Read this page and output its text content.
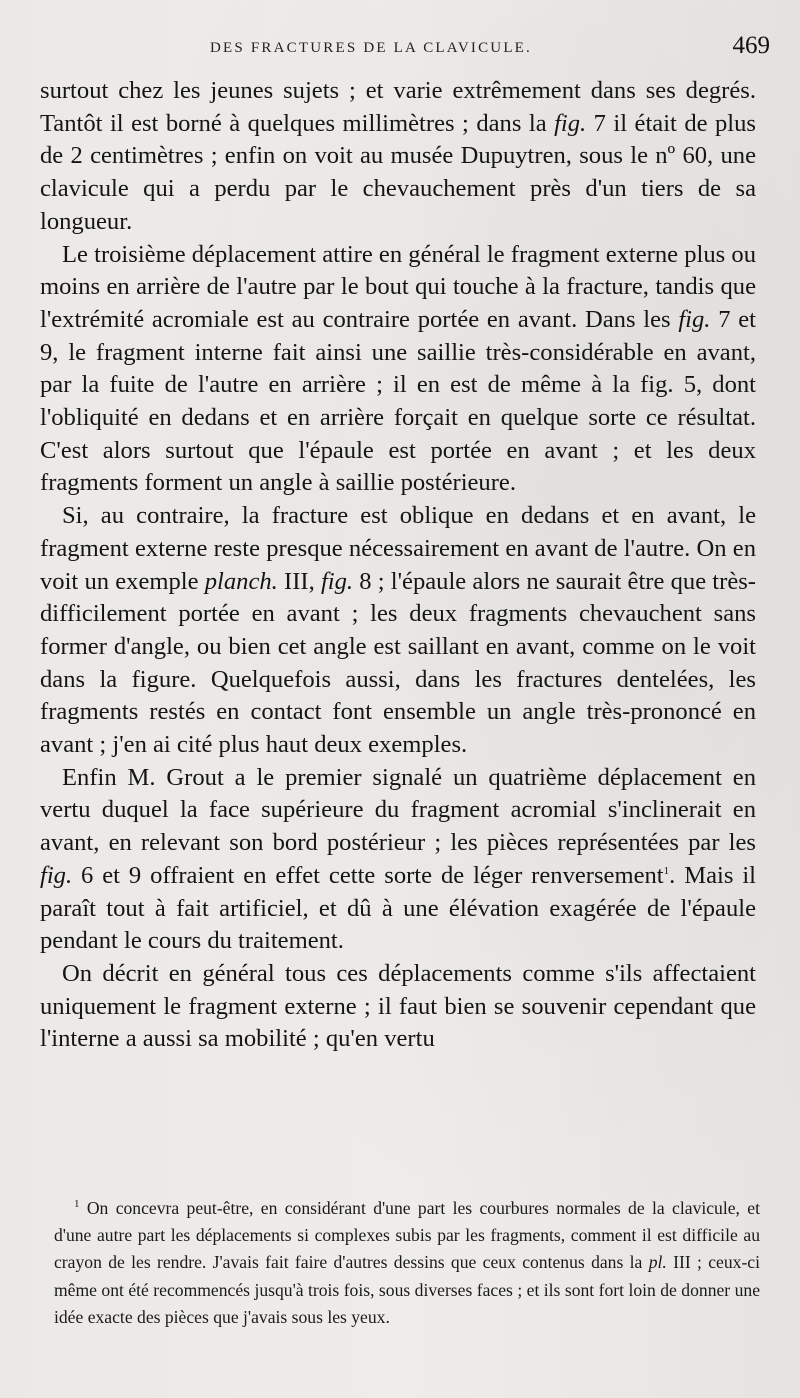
DES FRACTURES DE LA CLAVICULE.	469

surtout chez les jeunes sujets ; et varie extrêmement dans ses degrés. Tantôt il est borné à quelques millimètres ; dans la fig. 7 il était de plus de 2 centimètres ; enfin on voit au musée Dupuytren, sous le nº 60, une clavicule qui a perdu par le chevauchement près d'un tiers de sa longueur.

Le troisième déplacement attire en général le fragment externe plus ou moins en arrière de l'autre par le bout qui touche à la fracture, tandis que l'extrémité acromiale est au contraire portée en avant. Dans les fig. 7 et 9, le fragment interne fait ainsi une saillie très-considérable en avant, par la fuite de l'autre en arrière ; il en est de même à la fig. 5, dont l'obliquité en dedans et en arrière forçait en quelque sorte ce résultat. C'est alors surtout que l'épaule est portée en avant ; et les deux fragments forment un angle à saillie postérieure.

Si, au contraire, la fracture est oblique en dedans et en avant, le fragment externe reste presque nécessairement en avant de l'autre. On en voit un exemple planch. III, fig. 8 ; l'épaule alors ne saurait être que très-difficilement portée en avant ; les deux fragments chevauchent sans former d'angle, ou bien cet angle est saillant en avant, comme on le voit dans la figure. Quelquefois aussi, dans les fractures dentelées, les fragments restés en contact font ensemble un angle très-prononcé en avant ; j'en ai cité plus haut deux exemples.

Enfin M. Grout a le premier signalé un quatrième déplacement en vertu duquel la face supérieure du fragment acromial s'inclinerait en avant, en relevant son bord postérieur ; les pièces représentées par les fig. 6 et 9 offraient en effet cette sorte de léger renversement$^1$. Mais il paraît tout à fait artificiel, et dû à une élévation exagérée de l'épaule pendant le cours du traitement.

On décrit en général tous ces déplacements comme s'ils affectaient uniquement le fragment externe ; il faut bien se souvenir cependant que l'interne a aussi sa mobilité ; qu'en vertu

$^1$ On concevra peut-être, en considérant d'une part les courbures normales de la clavicule, et d'une autre part les déplacements si complexes subis par les fragments, comment il est difficile au crayon de les rendre. J'avais fait faire d'autres dessins que ceux contenus dans la pl. III ; ceux-ci même ont été recommencés jusqu'à trois fois, sous diverses faces ; et ils sont fort loin de donner une idée exacte des pièces que j'avais sous les yeux.
